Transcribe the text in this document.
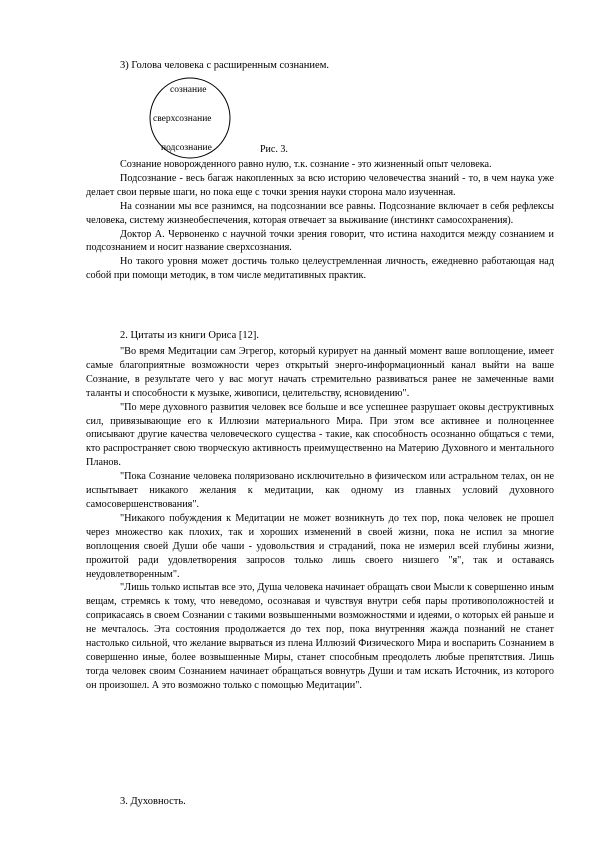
3) Голова человека с расширенным сознанием.
сознание
сверхсознание
подсознание	Рис. 3.

Сознание новорожденного равно нулю, т.к. сознание - это жизненный опыт человека.

Подсознание - весь багаж накопленных за всю историю человечества знаний - то, в чем наука уже делает свои первые шаги, но пока еще с точки зрения науки сторона мало изученная.

На сознании мы все разнимся, на подсознании все равны. Подсознание включает в себя рефлексы человека, систему жизнеобеспечения, которая отвечает за выживание (инстинкт самосохранения).

Доктор А. Червоненко с научной точки зрения говорит, что истина находится между сознанием и подсознанием и носит название сверхсознания.

Но такого уровня может достичь только целеустремленная личность, ежедневно работающая над собой при помощи методик, в том числе медитативных практик.

2. Цитаты из книги Ориса [12].

"Во время Медитации сам Эгрегор, который курирует на данный момент ваше воплощение, имеет самые благоприятные возможности через открытый энерго-информационный канал выйти на ваше Сознание, в результате чего у вас могут начать стремительно развиваться ранее не замеченные вами таланты и способности к музыке, живописи, целительству, ясновидению".

"По мере духовного развития человек все больше и все успешнее разрушает оковы деструктивных сил, привязывающие его к Иллюзии материального Мира. При этом все активнее и полноценнее описывают другие качества человеческого существа - такие, как способность осознанно общаться с теми, кто распространяет свою творческую активность преимущественно на Материю Духовного и ментального Планов.

"Пока Сознание человека поляризовано исключительно в физическом или астральном телах, он не испытывает никакого желания к медитации, как одному из главных условий духовного самосовершенствования".

"Никакого побуждения к Медитации не может возникнуть до тех пор, пока человек не прошел через множество как плохих, так и хороших изменений в своей жизни, пока не испил за многие воплощения своей Души обе чаши - удовольствия и страданий, пока не измерил всей глубины жизни, прожитой ради удовлетворения запросов только лишь своего низшего "я", так и оставаясь неудовлетворенным".

"Лишь только испытав все это, Душа человека начинает обращать свои Мысли к совершенно иным вещам, стремясь к тому, что неведомо, осознавая и чувствуя внутри себя пары противоположностей и соприкасаясь в своем Сознании с такими возвышенными возможностями и идеями, о которых ей раньше и не мечталось. Эта состояния продолжается до тех пор, пока внутренняя жажда познаний не станет настолько сильной, что желание вырваться из плена Иллюзий Физического Мира и воспарить Сознанием в совершенно иные, более возвышенные Миры, станет способным преодолеть любые препятствия. Лишь тогда человек своим Сознанием начинает обращаться вовнутрь Души и там искать Источник, из которого он произошел. А это возможно только с помощью Медитации".

3. Духовность.
